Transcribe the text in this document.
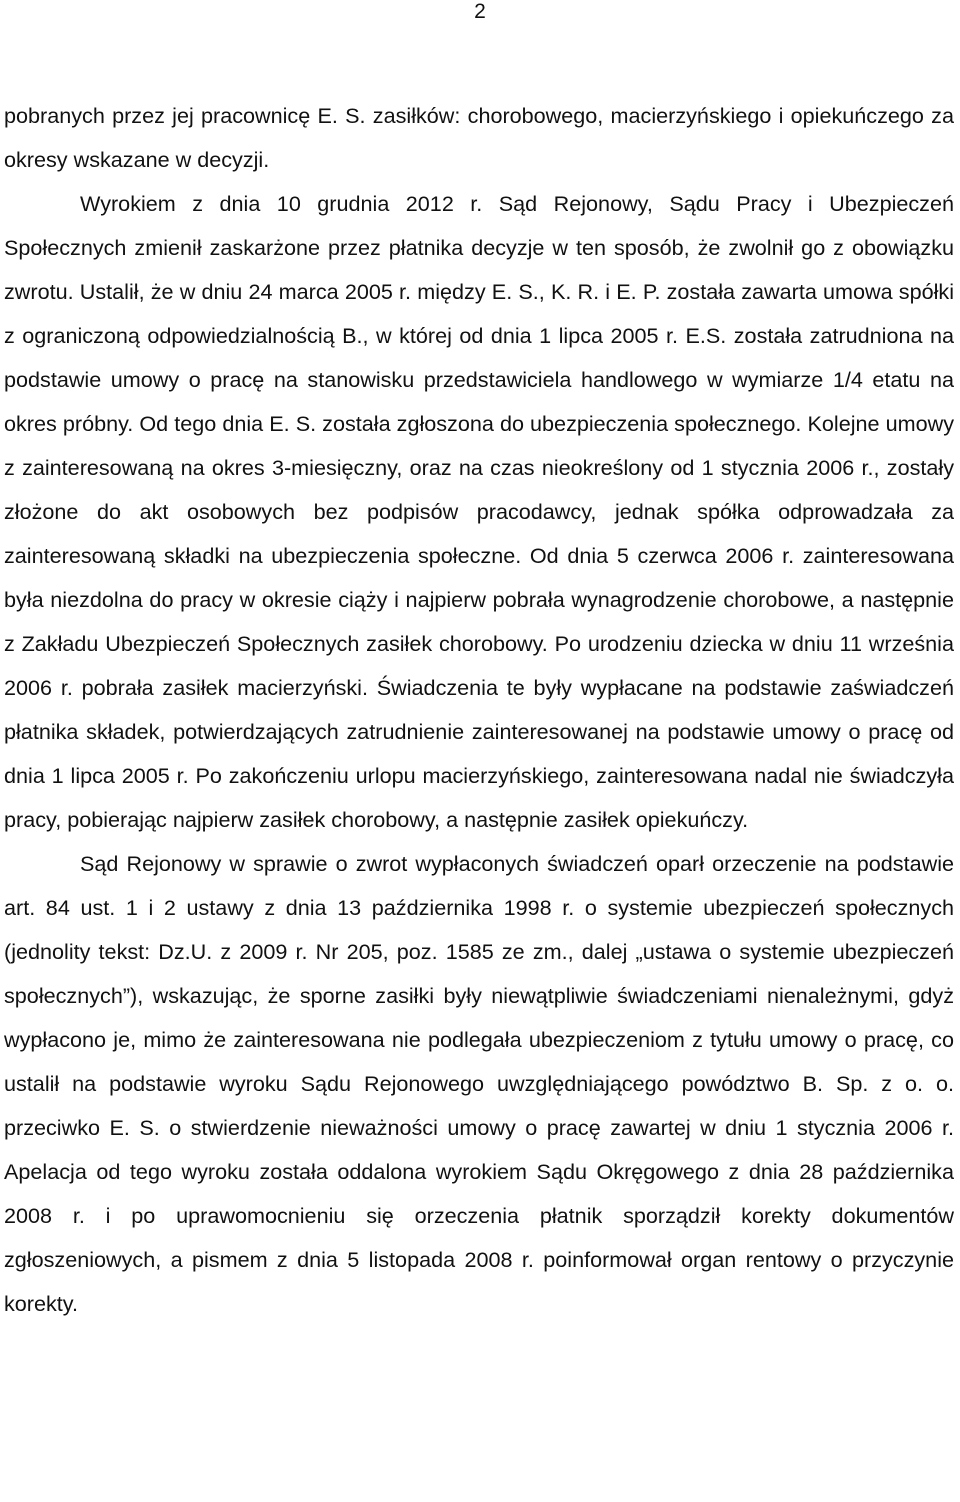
2

pobranych przez jej pracownicę E. S. zasiłków: chorobowego, macierzyńskiego i opiekuńczego za okresy wskazane w decyzji.

Wyrokiem z dnia 10 grudnia 2012 r. Sąd Rejonowy, Sądu Pracy i Ubezpieczeń Społecznych zmienił zaskarżone przez płatnika decyzje w ten sposób, że zwolnił go z obowiązku zwrotu. Ustalił, że w dniu 24 marca 2005 r. między E. S., K. R. i E. P. została zawarta umowa spółki z ograniczoną odpowiedzialnością B., w której od dnia 1 lipca 2005 r. E.S. została zatrudniona na podstawie umowy o pracę na stanowisku przedstawiciela handlowego w wymiarze 1/4 etatu na okres próbny. Od tego dnia E. S. została zgłoszona do ubezpieczenia społecznego. Kolejne umowy z zainteresowaną na okres 3-miesięczny, oraz na czas nieokreślony od 1 stycznia 2006 r., zostały złożone do akt osobowych bez podpisów pracodawcy, jednak spółka odprowadzała za zainteresowaną składki na ubezpieczenia społeczne. Od dnia 5 czerwca 2006 r. zainteresowana była niezdolna do pracy w okresie ciąży i najpierw pobrała wynagrodzenie chorobowe, a następnie z Zakładu Ubezpieczeń Społecznych zasiłek chorobowy. Po urodzeniu dziecka w dniu 11 września 2006 r. pobrała zasiłek macierzyński. Świadczenia te były wypłacane na podstawie zaświadczeń płatnika składek, potwierdzających zatrudnienie zainteresowanej na podstawie umowy o pracę od dnia 1 lipca 2005 r. Po zakończeniu urlopu macierzyńskiego, zainteresowana nadal nie świadczyła pracy, pobierając najpierw zasiłek chorobowy, a następnie zasiłek opiekuńczy.

Sąd Rejonowy w sprawie o zwrot wypłaconych świadczeń oparł orzeczenie na podstawie art. 84 ust. 1 i 2 ustawy z dnia 13 października 1998 r. o systemie ubezpieczeń społecznych (jednolity tekst: Dz.U. z 2009 r. Nr 205, poz. 1585 ze zm., dalej „ustawa o systemie ubezpieczeń społecznych”), wskazując, że sporne zasiłki były niewątpliwie świadczeniami nienależnymi, gdyż wypłacono je, mimo że zainteresowana nie podlegała ubezpieczeniom z tytułu umowy o pracę, co ustalił na podstawie wyroku Sądu Rejonowego uwzględniającego powództwo B. Sp. z o. o. przeciwko E. S. o stwierdzenie nieważności umowy o pracę zawartej w dniu 1 stycznia 2006 r. Apelacja od tego wyroku została oddalona wyrokiem Sądu Okręgowego z dnia 28 października 2008 r. i po uprawomocnieniu się orzeczenia płatnik sporządził korekty dokumentów zgłoszeniowych, a pismem z dnia 5 listopada 2008 r. poinformował organ rentowy o przyczynie korekty.
